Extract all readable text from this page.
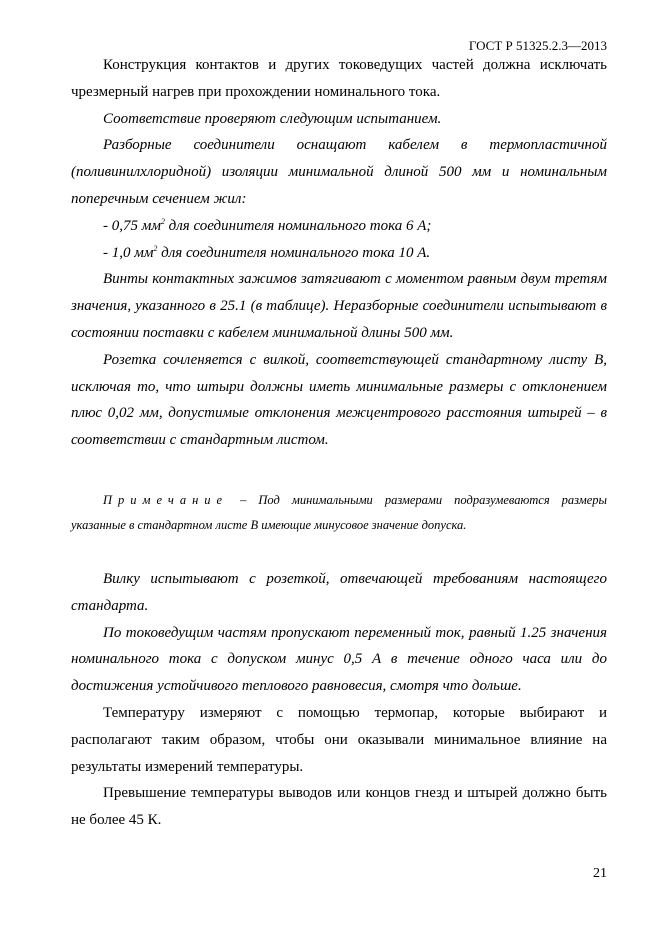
ГОСТ Р 51325.2.3—2013

Конструкция контактов и других токоведущих частей должна исключать чрезмерный нагрев при прохождении номинального тока.

Соответствие проверяют следующим испытанием.

Разборные соединители оснащают кабелем в термопластичной (поливинилхлоридной) изоляции минимальной длиной 500 мм и номинальным поперечным сечением жил:

- 0,75 $мм^2$ для соединителя номинального тока 6 А;

- 1,0 $мм^2$ для соединителя номинального тока 10 А.

Винты контактных зажимов затягивают с моментом равным двум третям значения, указанного в 25.1 (в таблице). Неразборные соединители испытывают в состоянии поставки с кабелем минимальной длины 500 мм.

Розетка сочленяется с вилкой, соответствующей стандартному листу В, исключая то, что штыри должны иметь минимальные размеры с отклонением плюс 0,02 мм, допустимые отклонения межцентрового расстояния штырей – в соответствии с стандартным листом.

Примечание – Под минимальными размерами подразумеваются размеры указанные в стандартном листе В имеющие минусовое значение допуска.

Вилку испытывают с розеткой, отвечающей требованиям настоящего стандарта.

По токоведущим частям пропускают переменный ток, равный 1.25 значения номинального тока с допуском минус 0,5 А в течение одного часа или до достижения устойчивого теплового равновесия, смотря что дольше.

Температуру измеряют с помощью термопар, которые выбирают и располагают таким образом, чтобы они оказывали минимальное влияние на результаты измерений температуры.

Превышение температуры выводов или концов гнезд и штырей должно быть не более 45 К.

21
